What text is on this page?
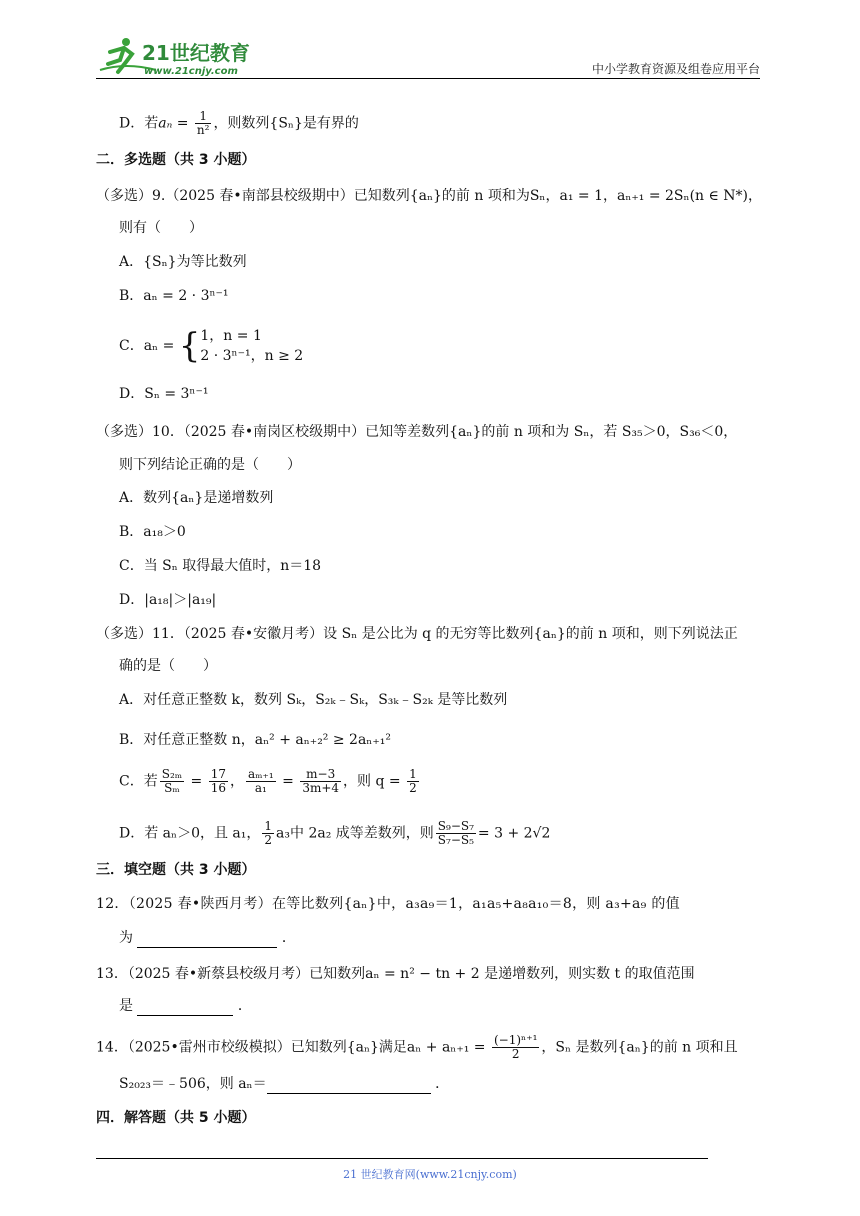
21世纪教育
www.21cnjy.com	中小学教育资源及组卷应用平台
D．若$a_n = \frac{1}{\text{n²}}$ ，则数列{Sₙ}是有界的
二．多选题（共 3 小题）
（多选）9.（2025 春•南部县校级期中）已知数列{aₙ}的前 n 项和为Sₙ，a₁ = 1，aₙ₊₁ = 2Sₙ(n ∈ N*)，
则有（　　）
A．{Sₙ}为等比数列
B．aₙ = 2 · 3ⁿ⁻¹
C．aₙ = { 1，n = 1
2 · 3ⁿ⁻¹，n ≥ 2
D．Sₙ = 3ⁿ⁻¹
（多选）10．（2025 春•南岗区校级期中）已知等差数列{aₙ}的前 n 项和为 Sₙ，若 S₃₅＞0，S₃₆＜0，
则下列结论正确的是（　　）
A．数列{aₙ}是递增数列
B．a₁₈＞0
C．当 Sₙ 取得最大值时，n＝18
D．|a₁₈|＞|a₁₉|
（多选）11．（2025 春•安徽月考）设 Sₙ 是公比为 q 的无穷等比数列{aₙ}的前 n 项和，则下列说法正
确的是（　　）
A．对任意正整数 k，数列 Sₖ，S₂ₖ﹣Sₖ，S₃ₖ﹣S₂ₖ 是等比数列
B．对任意正整数 n，aₙ² + aₙ₊₂² ≥ 2aₙ₊₁²
C．若 $\frac{\text{S₂ₘ}}{\text{Sₘ}} = \frac{17}{16}$ ， $\frac{\text{aₘ₊₁}}{\text{a₁}} = \frac{m-3}{3m+4}$ ，则 $q = \frac{1}{2}$
D．若 aₙ＞0，且 a₁， $\frac{1}{2} a_3$中 2a₂ 成等差数列，则 $\frac{\text{S₉−S₇}}{\text{S₇−S₅}} = 3 + 2√2$
三．填空题（共 3 小题）
12．（2025 春•陕西月考）在等比数列{aₙ}中，a₃a₉＝1，a₁a₅+a₈a₁₀＝8，则 a₃+a₉ 的值
为	．
13．（2025 春•新蔡县校级月考）已知数列aₙ = n² − tn + 2 是递增数列，则实数 t 的取值范围
是	．
14．（2025•雷州市校级模拟）已知数列{aₙ}满足$a_n + a_{n+1} = \frac{\text{(−1)ⁿ⁺¹}}{2}$ ，Sₙ 是数列{aₙ}的前 n 项和且
S₂₀₂₃＝﹣506，则 aₙ＝	．
四．解答题（共 5 小题）
21 世纪教育网(www.21cnjy.com)
